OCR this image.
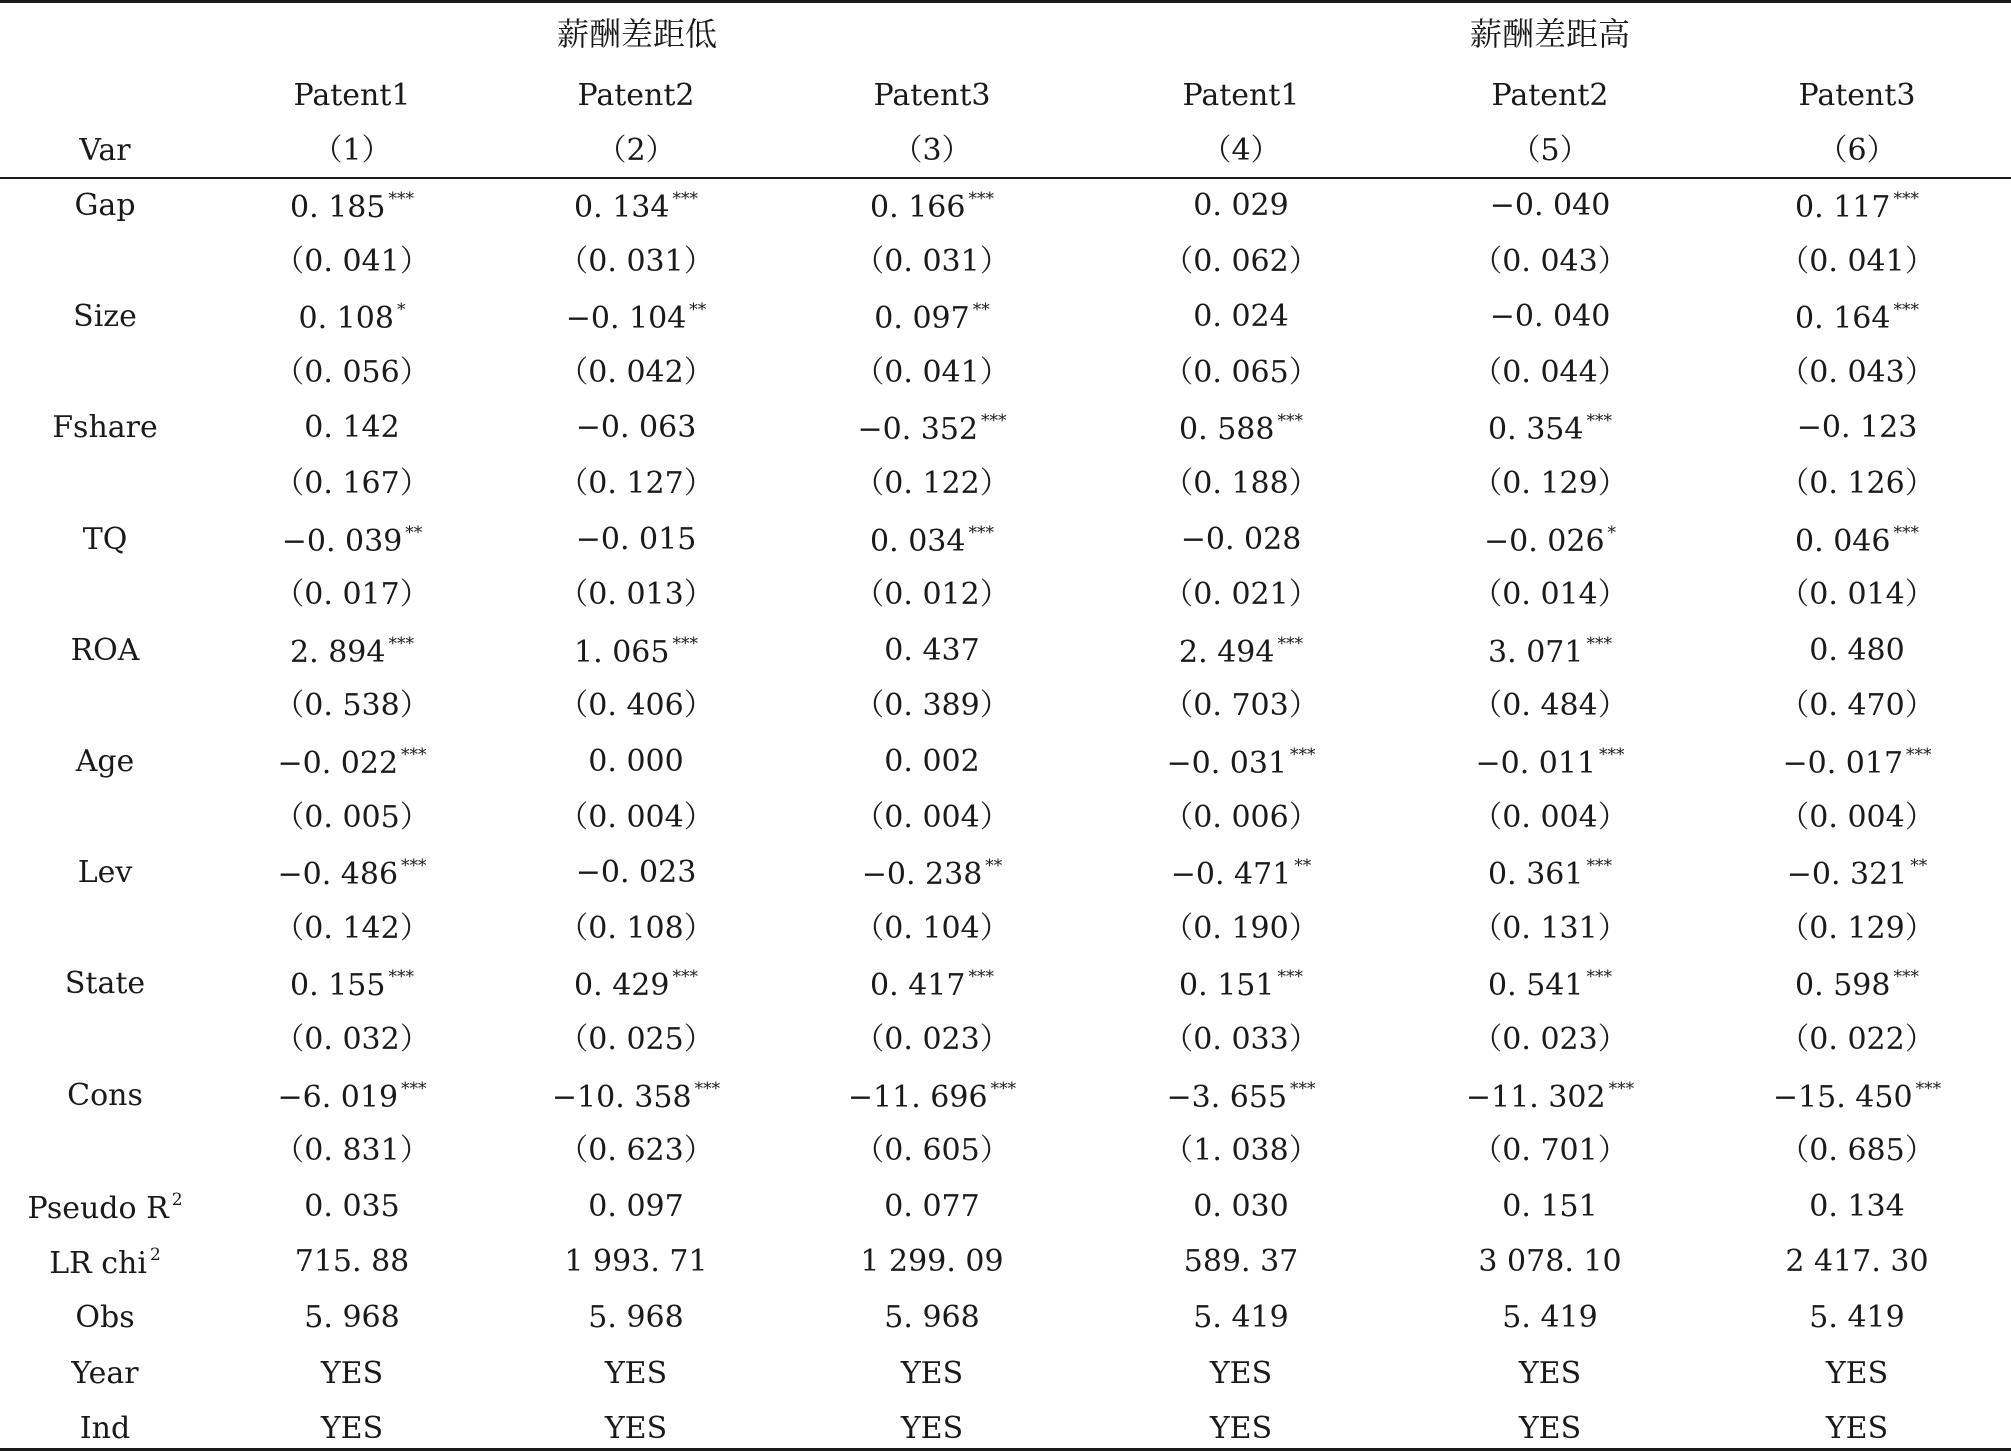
薪酬差距低	薪酬差距高
Patent1	Patent2	Patent3	Patent1	Patent2	Patent3
Var	（1）	（2）	（3）	（4）	（5）	（6）
Gap	0. 185 ***	0. 134 ***	0. 166 ***	0. 029	−0. 040	0. 117 ***
（0. 041）	（0. 031）	（0. 031）	（0. 062）	（0. 043）	（0. 041）
Size	0. 108 *	−0. 104 **	0. 097 **	0. 024	−0. 040	0. 164 ***
（0. 056）	（0. 042）	（0. 041）	（0. 065）	（0. 044）	（0. 043）
Fshare	0. 142	−0. 063	−0. 352 ***	0. 588 ***	0. 354 ***	−0. 123
（0. 167）	（0. 127）	（0. 122）	（0. 188）	（0. 129）	（0. 126）
TQ	−0. 039 **	−0. 015	0. 034 ***	−0. 028	−0. 026 *	0. 046 ***
（0. 017）	（0. 013）	（0. 012）	（0. 021）	（0. 014）	（0. 014）
ROA	2. 894 ***	1. 065 ***	0. 437	2. 494 ***	3. 071 ***	0. 480
（0. 538）	（0. 406）	（0. 389）	（0. 703）	（0. 484）	（0. 470）
Age	−0. 022 ***	0. 000	0. 002	−0. 031 ***	−0. 011 ***	−0. 017 ***
（0. 005）	（0. 004）	（0. 004）	（0. 006）	（0. 004）	（0. 004）
Lev	−0. 486 ***	−0. 023	−0. 238 **	−0. 471 **	0. 361 ***	−0. 321 **
（0. 142）	（0. 108）	（0. 104）	（0. 190）	（0. 131）	（0. 129）
State	0. 155 ***	0. 429 ***	0. 417 ***	0. 151 ***	0. 541 ***	0. 598 ***
（0. 032）	（0. 025）	（0. 023）	（0. 033）	（0. 023）	（0. 022）
Cons	−6. 019 ***	−10. 358 ***	−11. 696 ***	−3. 655 ***	−11. 302 ***	−15. 450 ***
（0. 831）	（0. 623）	（0. 605）	（1. 038）	（0. 701）	（0. 685）
Pseudo R $^2$	0. 035	0. 097	0. 077	0. 030	0. 151	0. 134
LR chi $^2$	715. 88	1 993. 71	1 299. 09	589. 37	3 078. 10	2 417. 30
Obs	5. 968	5. 968	5. 968	5. 419	5. 419	5. 419
Year	YES	YES	YES	YES	YES	YES
Ind	YES	YES	YES	YES	YES	YES
